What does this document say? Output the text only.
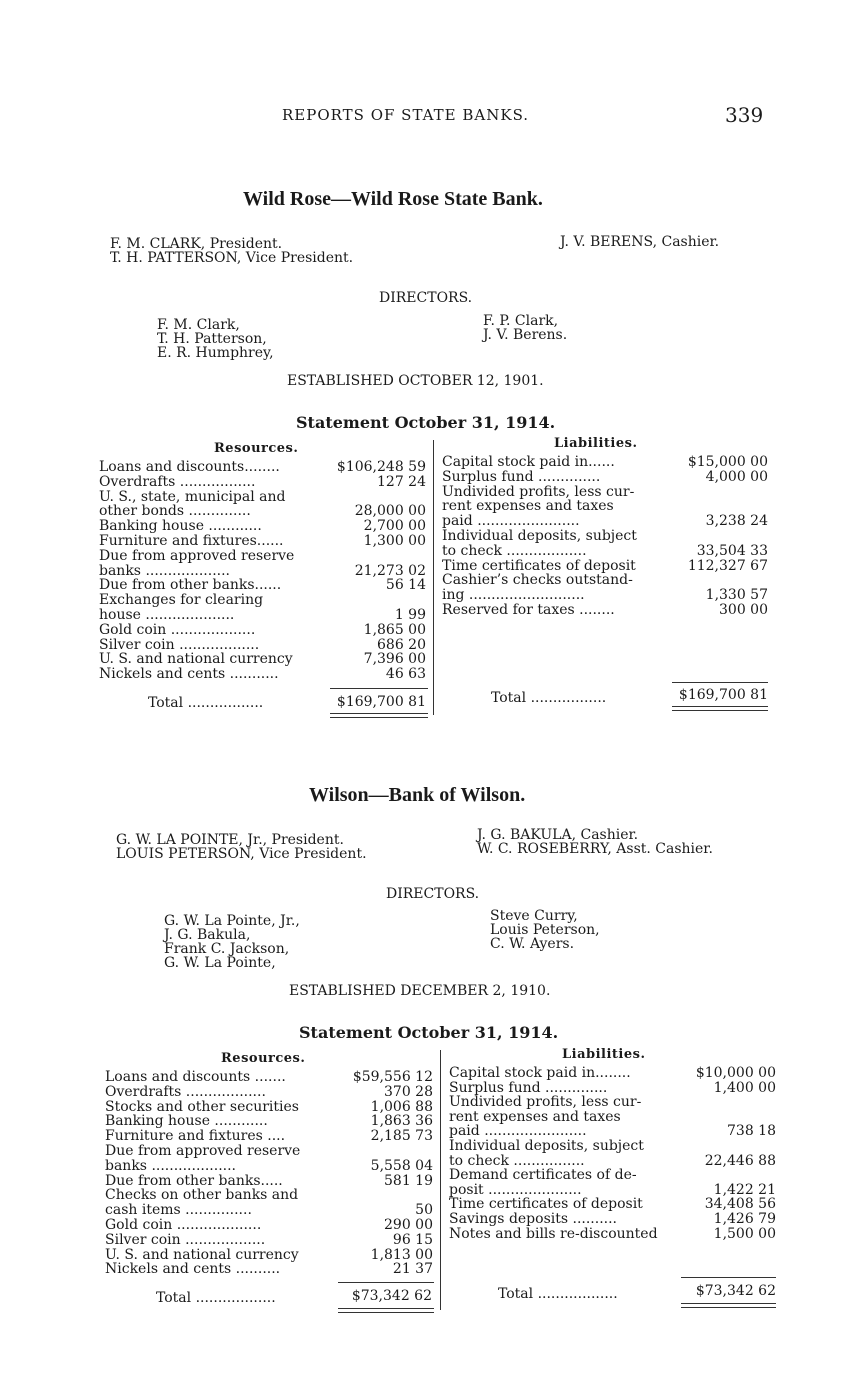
REPORTS OF STATE BANKS.	339
Wild Rose—Wild Rose State Bank.
F. M. CLARK, President.
T. H. PATTERSON, Vice President.
J. V. BERENS, Cashier.
DIRECTORS.
F. M. Clark,
T. H. Patterson,
E. R. Humphrey,
F. P. Clark,
J. V. Berens.
ESTABLISHED OCTOBER 12, 1901.
Statement October 31, 1914.
Resources.	Liabilities.
Loans and discounts........	$106,248 59
Overdrafts .................	127 24
U. S., state, municipal and
other bonds ..............	28,000 00
Banking house ............	2,700 00
Furniture and fixtures......	1,300 00
Due from approved reserve
banks ...................	21,273 02
Due from other banks......	56 14
Exchanges for clearing
house ....................	1 99
Gold coin ...................	1,865 00
Silver coin ..................	686 20
U. S. and national currency	7,396 00
Nickels and cents ...........	46 63
Capital stock paid in......	$15,000 00
Surplus fund ..............	4,000 00
Undivided profits, less cur-
rent expenses and taxes
paid .......................	3,238 24
Individual deposits, subject
to check ..................	33,504 33
Time certificates of deposit	112,327 67
Cashier’s checks outstand-
ing ..........................	1,330 57
Reserved for taxes ........	300 00
Total .................	$169,700 81	Total .................	$169,700 81
Wilson—Bank of Wilson.
G. W. LA POINTE, Jr., President.
LOUIS PETERSON, Vice President.
J. G. BAKULA, Cashier.
W. C. ROSEBERRY, Asst. Cashier.
DIRECTORS.
G. W. La Pointe, Jr.,
J. G. Bakula,
Frank C. Jackson,
G. W. La Pointe,
Steve Curry,
Louis Peterson,
C. W. Ayers.
ESTABLISHED DECEMBER 2, 1910.
Statement October 31, 1914.
Resources.	Liabilities.
Loans and discounts .......	$59,556 12
Overdrafts ..................	370 28
Stocks and other securities	1,006 88
Banking house ............	1,863 36
Furniture and fixtures ....	2,185 73
Due from approved reserve
banks ...................	5,558 04
Due from other banks.....	581 19
Checks on other banks and
cash items ...............	50
Gold coin ...................	290 00
Silver coin ..................	96 15
U. S. and national currency	1,813 00
Nickels and cents ..........	21 37
Capital stock paid in........	$10,000 00
Surplus fund ..............	1,400 00
Undivided profits, less cur-
rent expenses and taxes
paid .......................	738 18
Individual deposits, subject
to check ................	22,446 88
Demand certificates of de-
posit .....................	1,422 21
Time certificates of deposit	34,408 56
Savings deposits ..........	1,426 79
Notes and bills re-discounted	1,500 00
Total ..................	$73,342 62	Total ..................	$73,342 62
